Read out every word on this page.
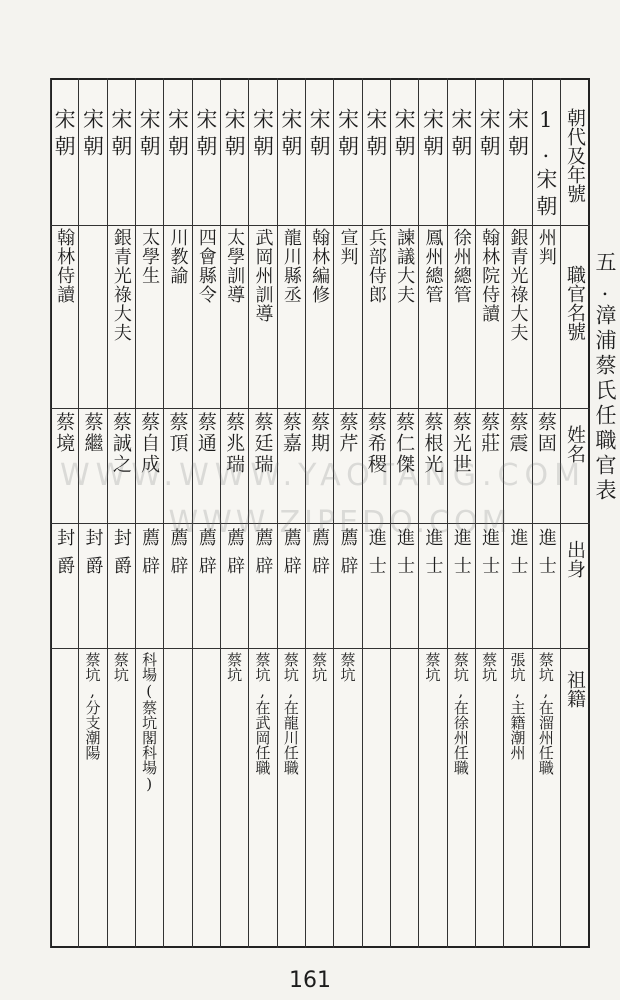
朝代及年號
職官名號
姓名
出身
祖籍
五.漳浦蔡氏任職官表
1.宋朝
州判
蔡固
進士
蔡坑,在溜州任職
宋朝
銀青光祿大夫
蔡震
進士
張坑,主籍潮州
宋朝
翰林院侍讀
蔡莊
進士
蔡坑
宋朝
徐州總管
蔡光世
進士
蔡坑,在徐州任職
宋朝
鳳州總管
蔡根光
進士
蔡坑
宋朝
諫議大夫
蔡仁傑
進士
宋朝
兵部侍郎
蔡希稷
進士
宋朝
宣判
蔡芹
薦辟
蔡坑
宋朝
翰林編修
蔡期
薦辟
蔡坑
宋朝
龍川縣丞
蔡嘉
薦辟
蔡坑,在龍川任職
宋朝
武岡州訓導
蔡廷瑞
薦辟
蔡坑,在武岡任職
宋朝
太學訓導
蔡兆瑞
薦辟
蔡坑
宋朝
四會縣令
蔡通
薦辟
宋朝
川教諭
蔡頂
薦辟
宋朝
太學生
蔡自成
薦辟
科場(蔡坑閣科場)
宋朝
銀青光祿大夫
蔡誠之
封爵
蔡坑
宋朝
蔡繼
封爵
蔡坑,分支潮陽
宋朝
翰林侍讀
蔡境
封爵
WWW.WWW.YAOTANG.COM
WWW.ZIPEDO.COM
161
